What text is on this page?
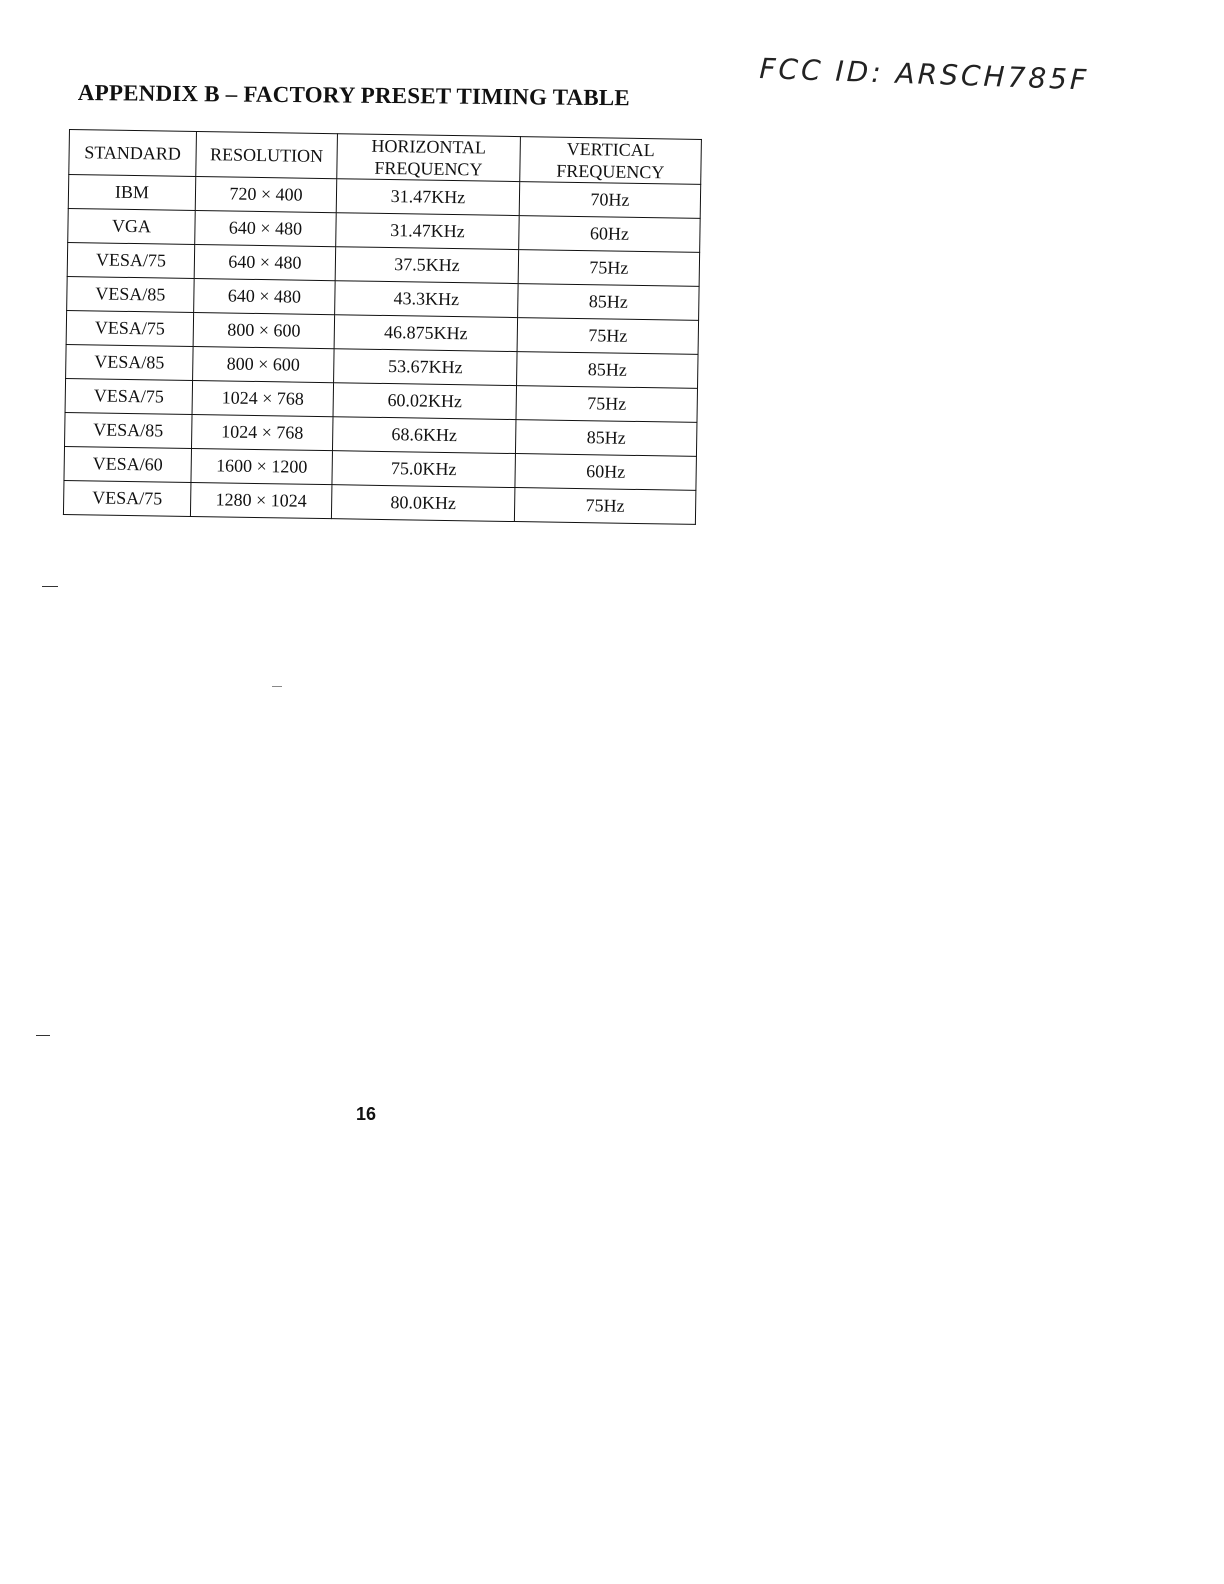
APPENDIX B – FACTORY PRESET TIMING TABLE	FCC ID: ARSCH785F
STANDARD	RESOLUTION	HORIZONTAL FREQUENCY	VERTICAL FREQUENCY
IBM	720 × 400	31.47KHz	70Hz
VGA	640 × 480	31.47KHz	60Hz
VESA/75	640 × 480	37.5KHz	75Hz
VESA/85	640 × 480	43.3KHz	85Hz
VESA/75	800 × 600	46.875KHz	75Hz
VESA/85	800 × 600	53.67KHz	85Hz
VESA/75	1024 × 768	60.02KHz	75Hz
VESA/85	1024 × 768	68.6KHz	85Hz
VESA/60	1600 × 1200	75.0KHz	60Hz
VESA/75	1280 × 1024	80.0KHz	75Hz
16
